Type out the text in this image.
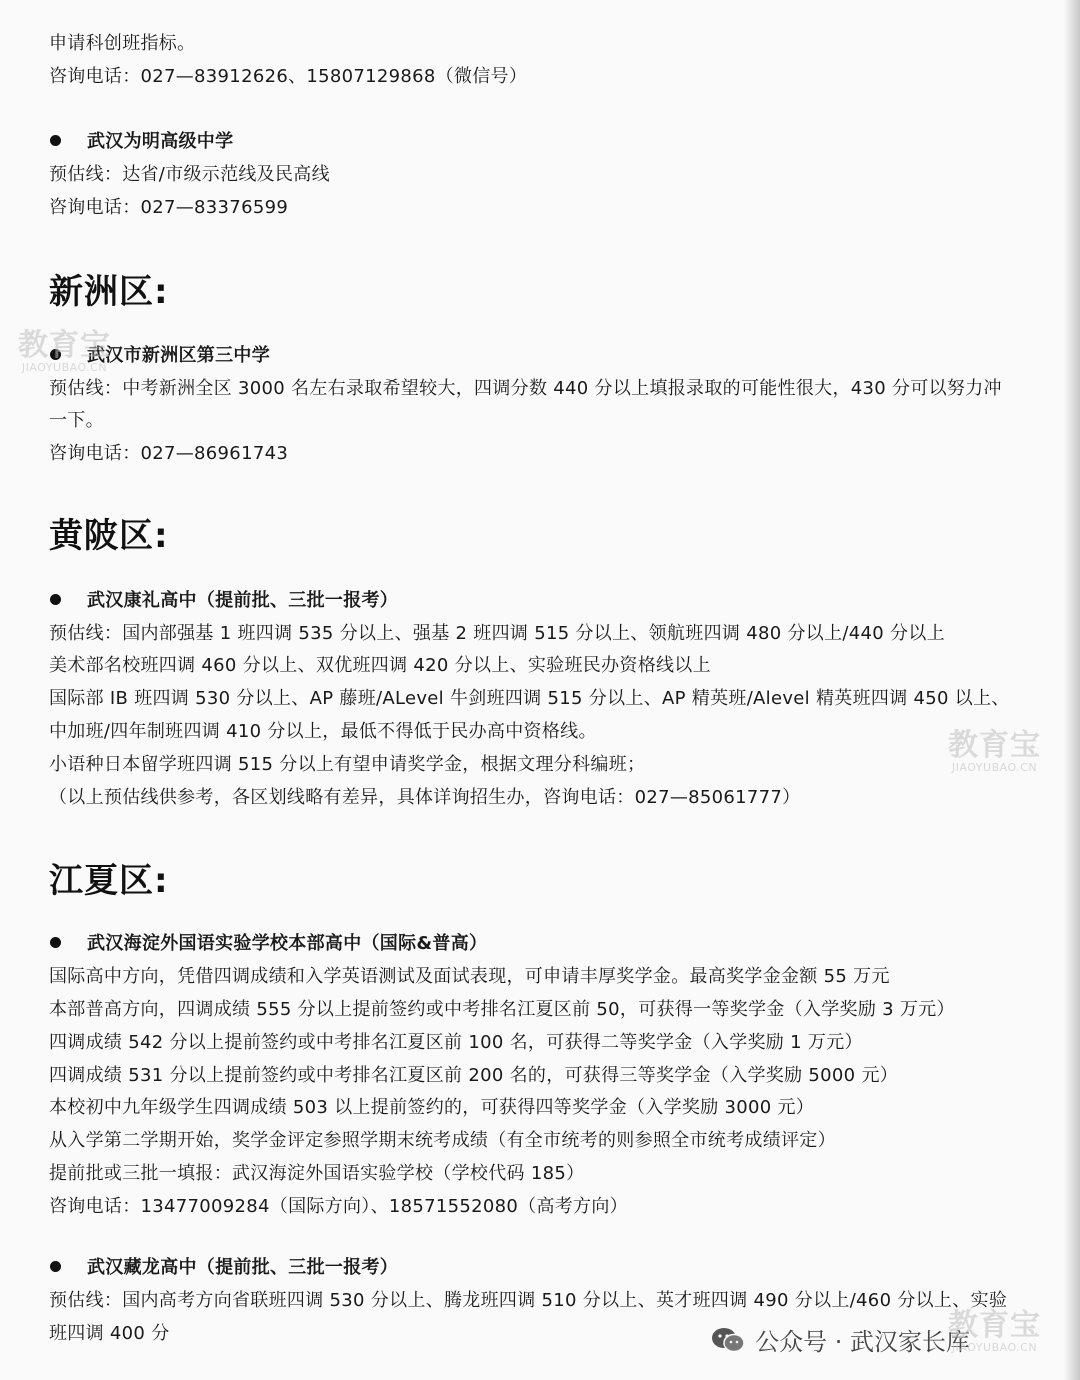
申请科创班指标。
咨询电话：027—83912626、15807129868（微信号）
武汉为明高级中学
预估线：达省/市级示范线及民高线
咨询电话：027—83376599
新洲区:
武汉市新洲区第三中学
预估线：中考新洲全区 3000 名左右录取希望较大，四调分数 440 分以上填报录取的可能性很大，430 分可以努力冲
一下。
咨询电话：027—86961743
黄陂区:
武汉康礼高中（提前批、三批一报考）
预估线：国内部强基 1 班四调 535 分以上、强基 2 班四调 515 分以上、领航班四调 480 分以上/440 分以上
美术部名校班四调 460 分以上、双优班四调 420 分以上、实验班民办资格线以上
国际部 IB 班四调 530 分以上、AP 藤班/ALevel 牛剑班四调 515 分以上、AP 精英班/Alevel 精英班四调 450 以上、
中加班/四年制班四调 410 分以上，最低不得低于民办高中资格线。
小语种日本留学班四调 515 分以上有望申请奖学金，根据文理分科编班；
（以上预估线供参考，各区划线略有差异，具体详询招生办，咨询电话：027—85061777）
江夏区:
武汉海淀外国语实验学校本部高中（国际&普高）
国际高中方向，凭借四调成绩和入学英语测试及面试表现，可申请丰厚奖学金。最高奖学金金额 55 万元
本部普高方向，四调成绩 555 分以上提前签约或中考排名江夏区前 50，可获得一等奖学金（入学奖励 3 万元）
四调成绩 542 分以上提前签约或中考排名江夏区前 100 名，可获得二等奖学金（入学奖励 1 万元）
四调成绩 531 分以上提前签约或中考排名江夏区前 200 名的，可获得三等奖学金（入学奖励 5000 元）
本校初中九年级学生四调成绩 503 以上提前签约的，可获得四等奖学金（入学奖励 3000 元）
从入学第二学期开始，奖学金评定参照学期末统考成绩（有全市统考的则参照全市统考成绩评定）
提前批或三批一填报：武汉海淀外国语实验学校（学校代码 185）
咨询电话：13477009284（国际方向）、18571552080（高考方向）
武汉藏龙高中（提前批、三批一报考）
预估线：国内高考方向省联班四调 530 分以上、腾龙班四调 510 分以上、英才班四调 490 分以上/460 分以上、实验
班四调 400 分
教育宝
JIAOYUBAO.CN
教育宝
JIAOYUBAO.CN
公众号 · 武汉家长库
教育宝
JIAOYUBAO.CN
